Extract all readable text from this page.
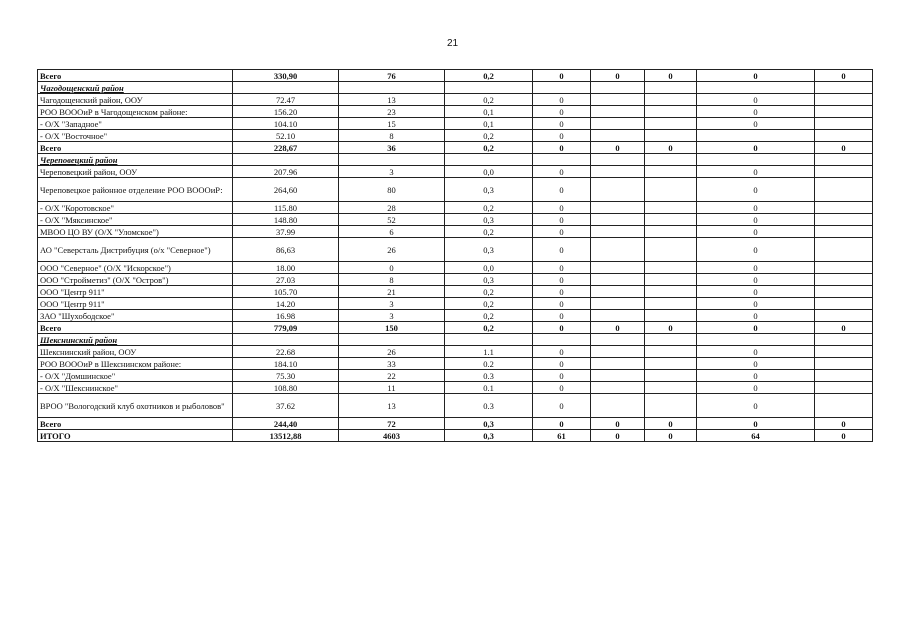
21
Всего	330,90	76	0,2	0	0	0	0	0
Чагодощенский район								
Чагодощенский район, ООУ	72.47	13	0,2	0			0	
РОО ВОООиР в Чагодощенском районе:	156.20	23	0,1	0			0	
- О/Х "Западное"	104.10	15	0,1	0			0	
- О/Х "Восточное"	52.10	8	0,2	0				
Всего	228,67	36	0,2	0	0	0	0	0
Череповецкий район								
Череповецкий район, ООУ	207.96	3	0,0	0			0	
Череповецкое районное отделение РОО ВОООиР:	264,60	80	0,3	0			0	
- О/Х "Коротовское"	115.80	28	0,2	0			0	
- О/Х "Мяксинское"	148.80	52	0,3	0			0	
МВОО ЦО ВУ (О/Х "Уломское")	37.99	6	0,2	0			0	
АО "Северсталь Дистрибуция (о/х "Северное")	86,63	26	0,3	0			0	
ООО "Северное" (О/Х "Искорское")	18.00	0	0,0	0			0	
ООО "Стройметиз" (О/Х "Остров")	27.03	8	0,3	0			0	
ООО "Центр 911"	105.70	21	0,2	0			0	
ООО "Центр 911"	14.20	3	0,2	0			0	
ЗАО "Шухободское"	16.98	3	0,2	0			0	
Всего	779,09	150	0,2	0	0	0	0	0
Шекснинский район								
Шекснинский район, ООУ	22.68	26	1.1	0			0	
РОО ВОООиР в Шекснинском районе:	184.10	33	0.2	0			0	
- О/Х "Домшинское"	75.30	22	0.3	0			0	
- О/Х "Шекснинское"	108.80	11	0.1	0			0	
ВРОО "Вологодский клуб охотников и рыболовов"	37.62	13	0.3	0			0	
Всего	244,40	72	0,3	0	0	0	0	0
ИТОГО	13512,88	4603	0,3	61	0	0	64	0
